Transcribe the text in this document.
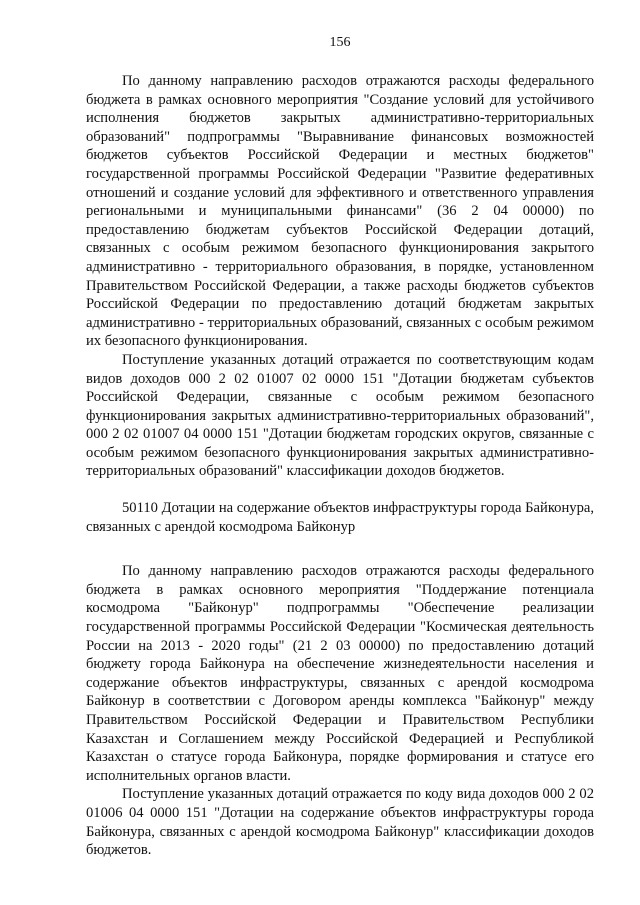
156

По данному направлению расходов отражаются расходы федерального бюджета в рамках основного мероприятия "Создание условий для устойчивого исполнения бюджетов закрытых административно-территориальных образований" подпрограммы "Выравнивание финансовых возможностей бюджетов субъектов Российской Федерации и местных бюджетов" государственной программы Российской Федерации "Развитие федеративных отношений и создание условий для эффективного и ответственного управления региональными и муниципальными финансами" (36 2 04 00000) по предоставлению бюджетам субъектов Российской Федерации дотаций, связанных с особым режимом безопасного функционирования закрытого административно - территориального образования, в порядке, установленном Правительством Российской Федерации, а также расходы бюджетов субъектов Российской Федерации по предоставлению дотаций бюджетам закрытых административно - территориальных образований, связанных с особым режимом их безопасного функционирования.

Поступление указанных дотаций отражается по соответствующим кодам видов доходов 000 2 02 01007 02 0000 151 "Дотации бюджетам субъектов Российской Федерации, связанные с особым режимом безопасного функционирования закрытых административно-территориальных образований", 000 2 02 01007 04 0000 151 "Дотации бюджетам городских округов, связанные с особым режимом безопасного функционирования закрытых административно-территориальных образований" классификации доходов бюджетов.

50110 Дотации на содержание объектов инфраструктуры города Байконура, связанных с арендой космодрома Байконур

По данному направлению расходов отражаются расходы федерального бюджета в рамках основного мероприятия "Поддержание потенциала космодрома "Байконур" подпрограммы "Обеспечение реализации государственной программы Российской Федерации "Космическая деятельность России на 2013 - 2020 годы" (21 2 03 00000) по предоставлению дотаций бюджету города Байконура на обеспечение жизнедеятельности населения и содержание объектов инфраструктуры, связанных с арендой космодрома Байконур в соответствии с Договором аренды комплекса "Байконур" между Правительством Российской Федерации и Правительством Республики Казахстан и Соглашением между Российской Федерацией и Республикой Казахстан о статусе города Байконура, порядке формирования и статусе его исполнительных органов власти.

Поступление указанных дотаций отражается по коду вида доходов 000 2 02 01006 04 0000 151 "Дотации на содержание объектов инфраструктуры города Байконура, связанных с арендой космодрома Байконур" классификации доходов бюджетов.
